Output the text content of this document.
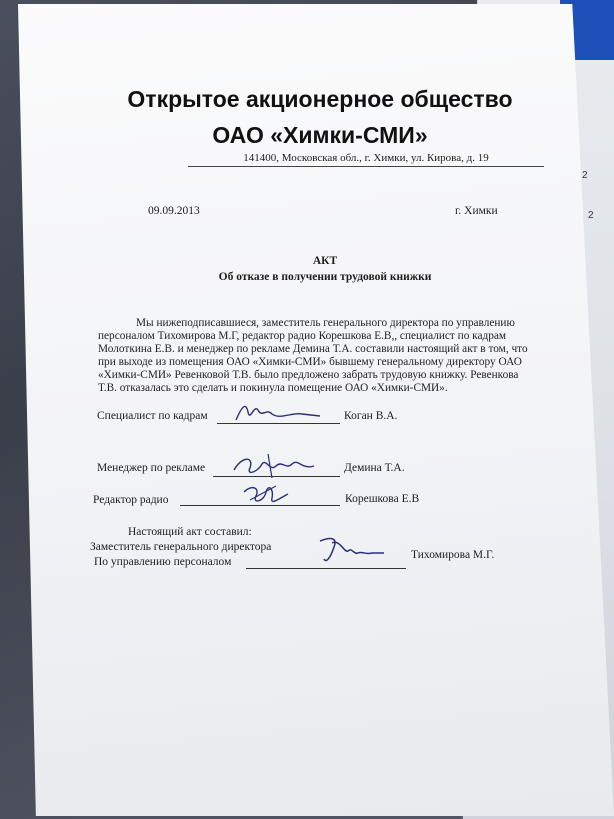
2
2
Открытое акционерное общество
ОАО «Химки-СМИ»
141400, Московская обл., г. Химки, ул. Кирова, д. 19
09.09.2013	г. Химки
АКТ
Об отказе в получении трудовой книжки
Мы нижеподписавшиеся, заместитель генерального директора по управлению
персоналом Тихомирова М.Г, редактор радио Корешкова Е.В,, специалист по кадрам
Молоткина Е.В. и менеджер по рекламе Демина Т.А. составили настоящий акт в том, что
при выходе из помещения ОАО «Химки-СМИ» бывшему генеральному директору ОАО
«Химки-СМИ» Ревенковой Т.В. было предложено забрать трудовую книжку. Ревенкова
Т.В. отказалась это сделать и покинула помещение ОАО «Химки-СМИ».
Специалист по кадрам	Коган В.А.
Менеджер по рекламе	Демина Т.А.
Редактор радио	Корешкова Е.В
Настоящий акт составил:
Заместитель генерального директора
По управлению персоналом
Тихомирова М.Г.
